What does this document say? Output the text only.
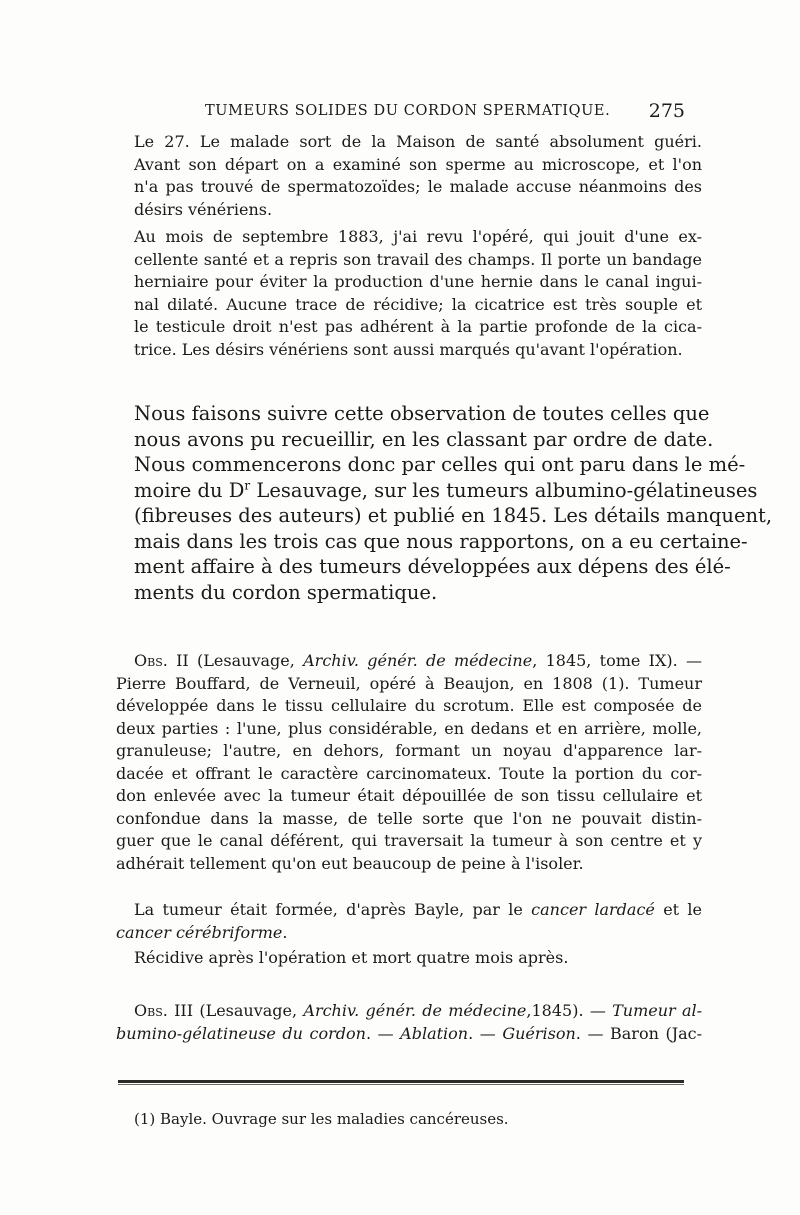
TUMEURS SOLIDES DU CORDON SPERMATIQUE. 275

Le 27. Le malade sort de la Maison de santé absolument guéri.
Avant son départ on a examiné son sperme au microscope, et l'on
n'a pas trouvé de spermatozoïdes; le malade accuse néanmoins des
désirs vénériens.

Au mois de septembre 1883, j'ai revu l'opéré, qui jouit d'une ex-
cellente santé et a repris son travail des champs. Il porte un bandage
herniaire pour éviter la production d'une hernie dans le canal ingui-
nal dilaté. Aucune trace de récidive; la cicatrice est très souple et
le testicule droit n'est pas adhérent à la partie profonde de la cica-
trice. Les désirs vénériens sont aussi marqués qu'avant l'opération.

Nous faisons suivre cette observation de toutes celles que
nous avons pu recueillir, en les classant par ordre de date.
Nous commencerons donc par celles qui ont paru dans le mé-
moire du $D^r$ Lesauvage, sur les tumeurs albumino-gélatineuses
(fibreuses des auteurs) et publié en 1845. Les détails manquent,
mais dans les trois cas que nous rapportons, on a eu certaine-
ment affaire à des tumeurs développées aux dépens des élé-
ments du cordon spermatique.

Obs. II (Lesauvage, Archiv. génér. de médecine, 1845, tome IX). —
Pierre Bouffard, de Verneuil, opéré à Beaujon, en 1808 (1). Tumeur
développée dans le tissu cellulaire du scrotum. Elle est composée de
deux parties : l'une, plus considérable, en dedans et en arrière, molle,
granuleuse; l'autre, en dehors, formant un noyau d'apparence lar-
dacée et offrant le caractère carcinomateux. Toute la portion du cor-
don enlevée avec la tumeur était dépouillée de son tissu cellulaire et
confondue dans la masse, de telle sorte que l'on ne pouvait distin-
guer que le canal déférent, qui traversait la tumeur à son centre et y
adhérait tellement qu'on eut beaucoup de peine à l'isoler.

La tumeur était formée, d'après Bayle, par le cancer lardacé et le
cancer cérébriforme.

Récidive après l'opération et mort quatre mois après.

Obs. III (Lesauvage, Archiv. génér. de médecine,1845). — Tumeur al-
bumino-gélatineuse du cordon. — Ablation. — Guérison. — Baron (Jac-

(1) Bayle. Ouvrage sur les maladies cancéreuses.
